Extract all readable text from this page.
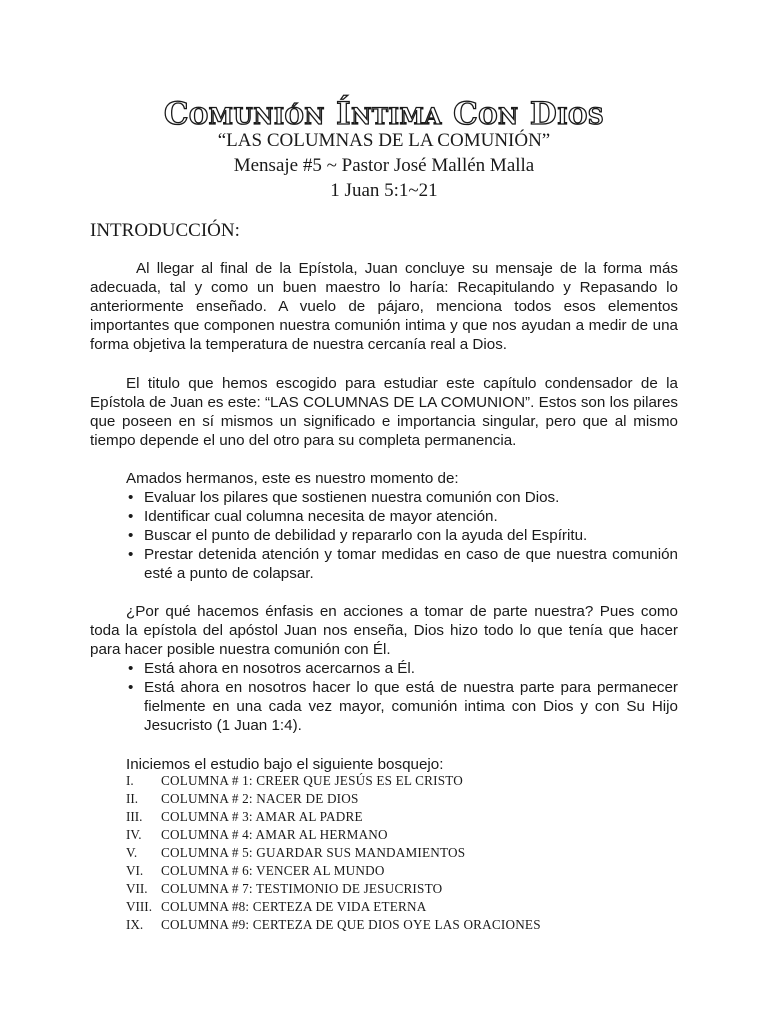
Comunión Íntima Con Dios
“LAS COLUMNAS DE LA COMUNIÓN”
Mensaje #5 ~ Pastor José Mallén Malla
1 Juan 5:1~21
INTRODUCCIÓN:
Al llegar al final de la Epístola, Juan concluye su mensaje de la forma más adecuada, tal y como un buen maestro lo haría: Recapitulando y Repasando lo anteriormente enseñado. A vuelo de pájaro, menciona todos esos elementos importantes que componen nuestra comunión intima y que nos ayudan a medir de una forma objetiva la temperatura de nuestra cercanía real a Dios.
El titulo que hemos escogido para estudiar este capítulo condensador de la Epístola de Juan es este: “LAS COLUMNAS DE LA COMUNION”. Estos son los pilares que poseen en sí mismos un significado e importancia singular, pero que al mismo tiempo depende el uno del otro para su completa permanencia.
Amados hermanos, este es nuestro momento de:
• Evaluar los pilares que sostienen nuestra comunión con Dios.
• Identificar cual columna necesita de mayor atención.
• Buscar el punto de debilidad y repararlo con la ayuda del Espíritu.
• Prestar detenida atención y tomar medidas en caso de que nuestra comunión esté a punto de colapsar.
¿Por qué hacemos énfasis en acciones a tomar de parte nuestra? Pues como toda la epístola del apóstol Juan nos enseña, Dios hizo todo lo que tenía que hacer para hacer posible nuestra comunión con Él.
• Está ahora en nosotros acercarnos a Él.
• Está ahora en nosotros hacer lo que está de nuestra parte para permanecer fielmente en una cada vez mayor, comunión intima con Dios y con Su Hijo Jesucristo (1 Juan 1:4).
Iniciemos el estudio bajo el siguiente bosquejo:
I.	COLUMNA # 1: CREER QUE JESÚS ES EL CRISTO
II.	COLUMNA # 2: NACER DE DIOS
III.	COLUMNA # 3: AMAR AL PADRE
IV.	COLUMNA # 4: AMAR AL HERMANO
V.	COLUMNA # 5: GUARDAR SUS MANDAMIENTOS
VI.	COLUMNA # 6: VENCER AL MUNDO
VII.	COLUMNA # 7: TESTIMONIO DE JESUCRISTO
VIII. COLUMNA #8: CERTEZA DE VIDA ETERNA
IX.	COLUMNA #9: CERTEZA DE QUE DIOS OYE LAS ORACIONES
